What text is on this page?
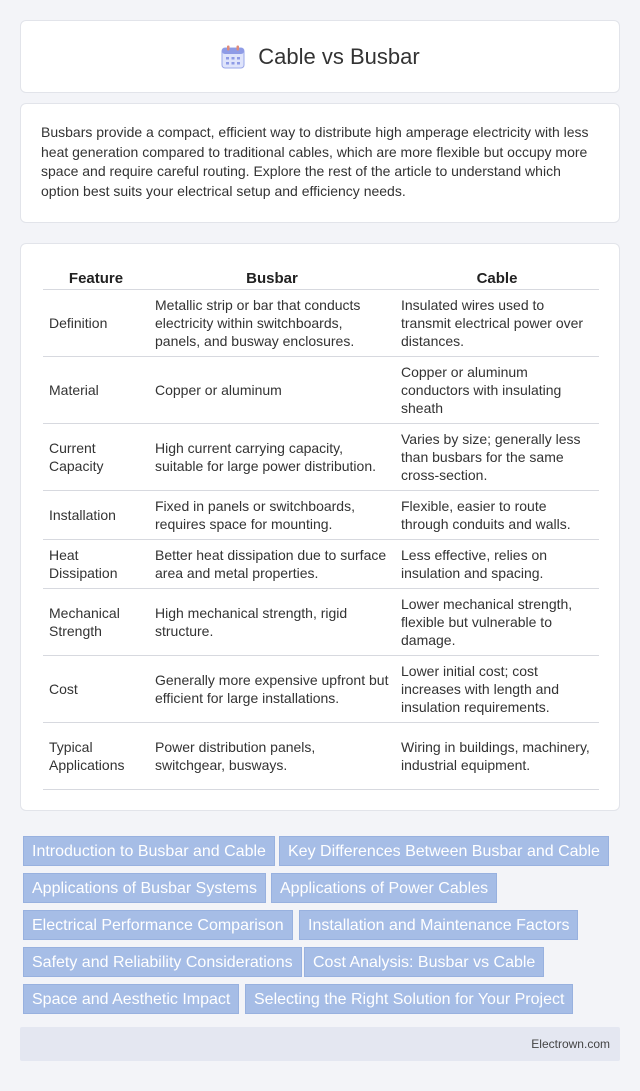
Cable vs Busbar

Busbars provide a compact, efficient way to distribute high amperage electricity with less heat generation compared to traditional cables, which are more flexible but occupy more space and require careful routing. Explore the rest of the article to understand which option best suits your electrical setup and efficiency needs.

Feature	Busbar	Cable
Definition	Metallic strip or bar that conducts electricity within switchboards, panels, and busway enclosures.	Insulated wires used to transmit electrical power over distances.
Material	Copper or aluminum	Copper or aluminum conductors with insulating sheath
Current Capacity	High current carrying capacity, suitable for large power distribution.	Varies by size; generally less than busbars for the same cross-section.
Installation	Fixed in panels or switchboards, requires space for mounting.	Flexible, easier to route through conduits and walls.
Heat Dissipation	Better heat dissipation due to surface area and metal properties.	Less effective, relies on insulation and spacing.
Mechanical Strength	High mechanical strength, rigid structure.	Lower mechanical strength, flexible but vulnerable to damage.
Cost	Generally more expensive upfront but efficient for large installations.	Lower initial cost; cost increases with length and insulation requirements.
Typical Applications	Power distribution panels, switchgear, busways.	Wiring in buildings, machinery, industrial equipment.
Introduction to Busbar and Cable	Key Differences Between Busbar and Cable
Applications of Busbar Systems	Applications of Power Cables
Electrical Performance Comparison	Installation and Maintenance Factors
Safety and Reliability Considerations	Cost Analysis: Busbar vs Cable
Space and Aesthetic Impact	Selecting the Right Solution for Your Project
Electrown.com
